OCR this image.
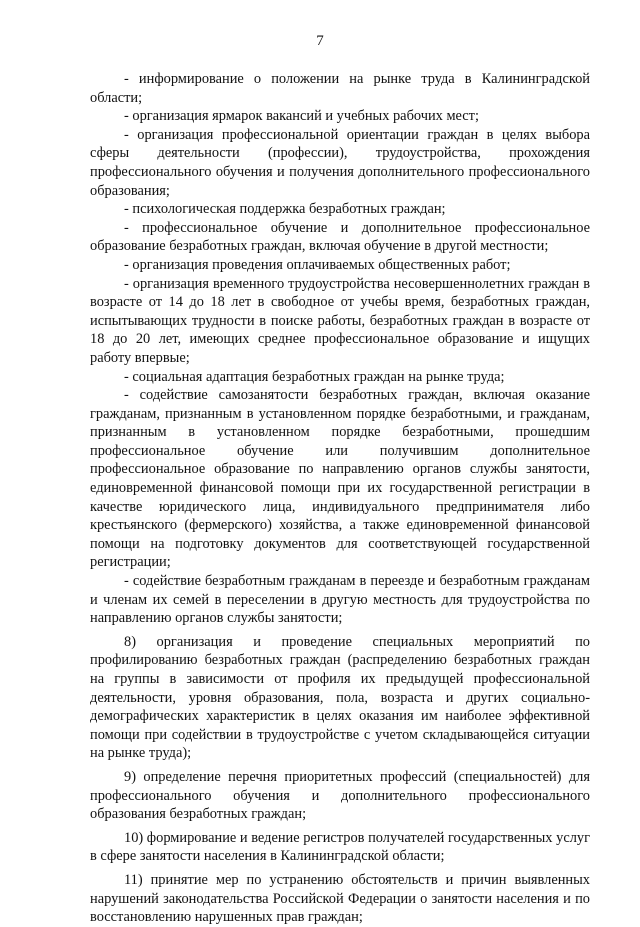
7

- информирование о положении на рынке труда в Калининградской области;

- организация ярмарок вакансий и учебных рабочих мест;

- организация профессиональной ориентации граждан в целях выбора сферы деятельности (профессии), трудоустройства, прохождения профессионального обучения и получения дополнительного профессионального образования;

- психологическая поддержка безработных граждан;

- профессиональное обучение и дополнительное профессиональное образование безработных граждан, включая обучение в другой местности;

- организация проведения оплачиваемых общественных работ;

- организация временного трудоустройства несовершеннолетних граждан в возрасте от 14 до 18 лет в свободное от учебы время, безработных граждан, испытывающих трудности в поиске работы, безработных граждан в возрасте от 18 до 20 лет, имеющих среднее профессиональное образование и ищущих работу впервые;

- социальная адаптация безработных граждан на рынке труда;

- содействие самозанятости безработных граждан, включая оказание гражданам, признанным в установленном порядке безработными, и гражданам, признанным в установленном порядке безработными, прошедшим профессиональное обучение или получившим дополнительное профессиональное образование по направлению органов службы занятости, единовременной финансовой помощи при их государственной регистрации в качестве юридического лица, индивидуального предпринимателя либо крестьянского (фермерского) хозяйства, а также единовременной финансовой помощи на подготовку документов для соответствующей государственной регистрации;

- содействие безработным гражданам в переезде и безработным гражданам и членам их семей в переселении в другую местность для трудоустройства по направлению органов службы занятости;

8) организация и проведение специальных мероприятий по профилированию безработных граждан (распределению безработных граждан на группы в зависимости от профиля их предыдущей профессиональной деятельности, уровня образования, пола, возраста и других социально-демографических характеристик в целях оказания им наиболее эффективной помощи при содействии в трудоустройстве с учетом складывающейся ситуации на рынке труда);

9) определение перечня приоритетных профессий (специальностей) для профессионального обучения и дополнительного профессионального образования безработных граждан;

10) формирование и ведение регистров получателей государственных услуг в сфере занятости населения в Калининградской области;

11) принятие мер по устранению обстоятельств и причин выявленных нарушений законодательства Российской Федерации о занятости населения и по восстановлению нарушенных прав граждан;
